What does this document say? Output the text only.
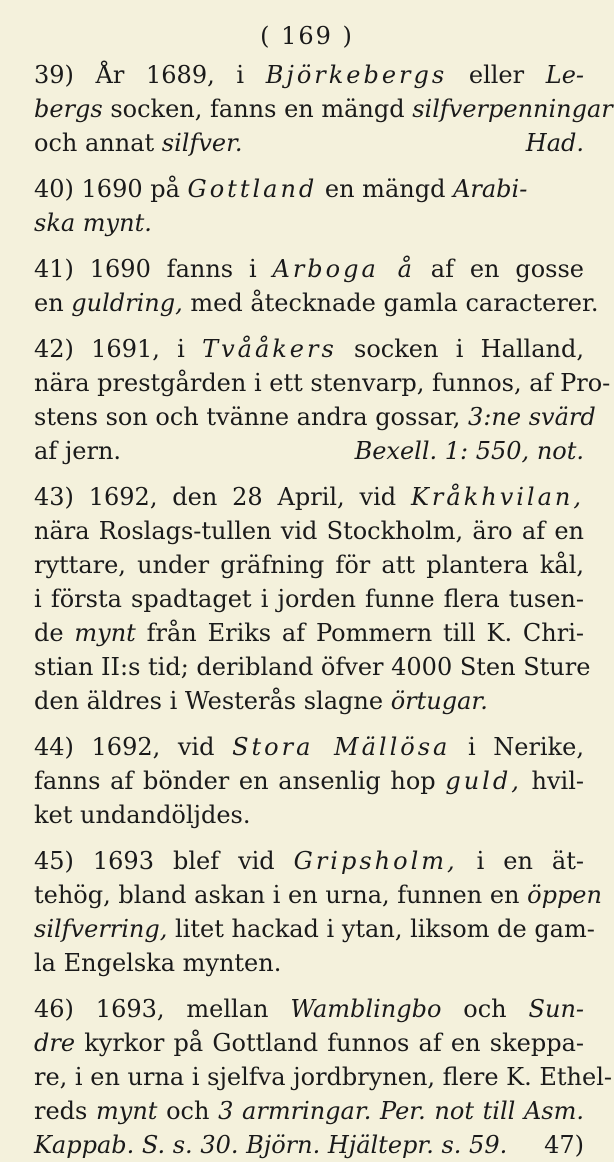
( 169 )
39) År 1689, i Björkebergs eller Le-
bergs socken, fanns en mängd silfverpenningar
och annat silfver.	Had.
40) 1690 på Gottland en mängd Arabi-
ska mynt.
41) 1690 fanns i Arboga å af en gosse
en guldring, med åtecknade gamla caracterer.
42) 1691, i Tvååkers socken i Halland,
nära prestgården i ett stenvarp, funnos, af Pro-
stens son och tvänne andra gossar, 3:ne svärd
af jern.	Bexell. 1: 550, not.
43) 1692, den 28 April, vid Kråkhvilan,
nära Roslags-tullen vid Stockholm, äro af en
ryttare, under gräfning för att plantera kål,
i första spadtaget i jorden funne flera tusen-
de mynt från Eriks af Pommern till K. Chri-
stian II:s tid; deribland öfver 4000 Sten Sture
den äldres i Westerås slagne örtugar.
44) 1692, vid Stora Mällösa i Nerike,
fanns af bönder en ansenlig hop guld, hvil-
ket undandöljdes.
45) 1693 blef vid Gripsholm, i en ät-
tehög, bland askan i en urna, funnen en öppen
silfverring, litet hackad i ytan, liksom de gam-
la Engelska mynten.
46) 1693, mellan Wamblingbo och Sun-
dre kyrkor på Gottland funnos af en skeppa-
re, i en urna i sjelfva jordbrynen, flere K. Ethel-
reds mynt och 3 armringar. Per. not till Asm.
Kappab. S. s. 30. Björn. Hjältepr. s. 59. 47)
